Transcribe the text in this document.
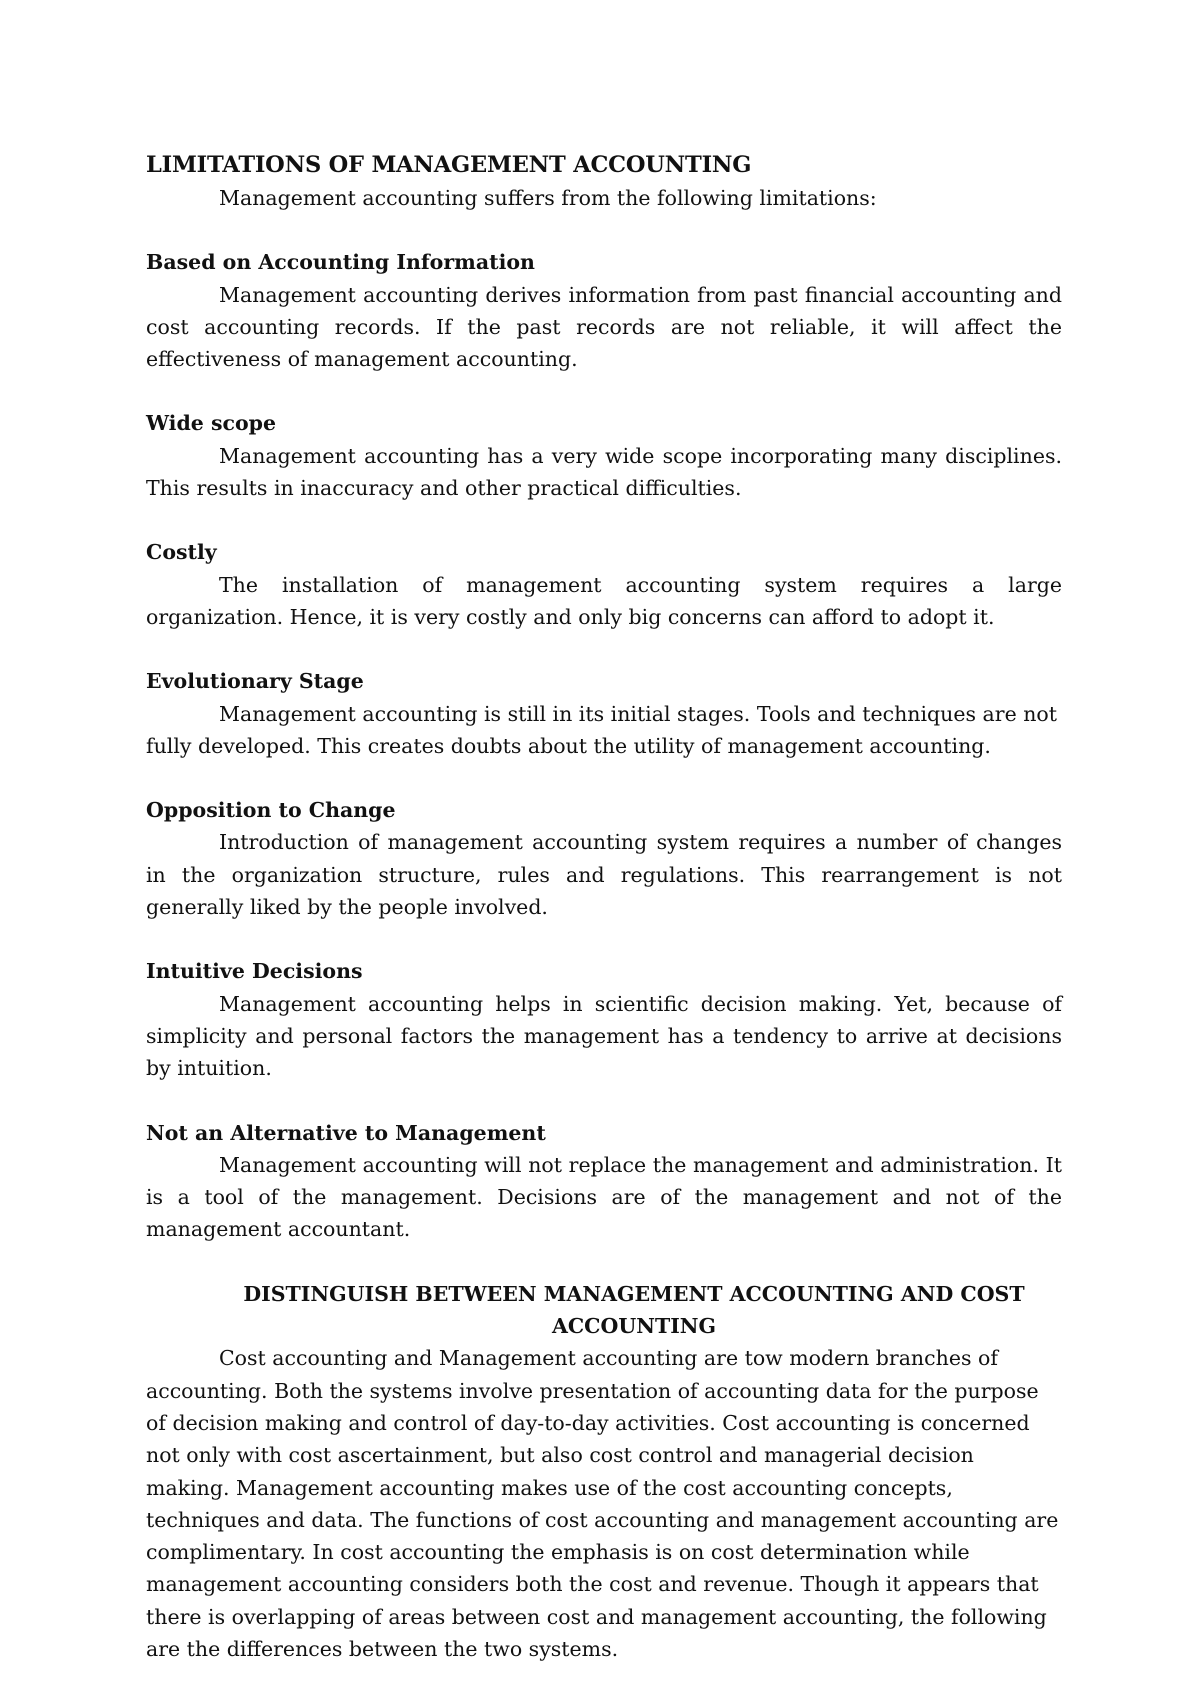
LIMITATIONS OF MANAGEMENT ACCOUNTING

Management accounting suffers from the following limitations:

Based on Accounting Information

Management accounting derives information from past financial accounting and cost accounting records. If the past records are not reliable, it will affect the effectiveness of management accounting.

Wide scope

Management accounting has a very wide scope incorporating many disciplines. This results in inaccuracy and other practical difficulties.

Costly

The installation of management accounting system requires a large organization. Hence, it is very costly and only big concerns can afford to adopt it.

Evolutionary Stage

Management accounting is still in its initial stages. Tools and techniques are not fully developed. This creates doubts about the utility of management accounting.

Opposition to Change

Introduction of management accounting system requires a number of changes in the organization structure, rules and regulations. This rearrangement is not generally liked by the people involved.

Intuitive Decisions

Management accounting helps in scientific decision making. Yet, because of simplicity and personal factors the management has a tendency to arrive at decisions by intuition.

Not an Alternative to Management

Management accounting will not replace the management and administration. It is a tool of the management. Decisions are of the management and not of the management accountant.

DISTINGUISH BETWEEN MANAGEMENT ACCOUNTING AND COST ACCOUNTING

Cost accounting and Management accounting are tow modern branches of accounting. Both the systems involve presentation of accounting data for the purpose of decision making and control of day-to-day activities. Cost accounting is concerned not only with cost ascertainment, but also cost control and managerial decision making. Management accounting makes use of the cost accounting concepts, techniques and data. The functions of cost accounting and management accounting are complimentary. In cost accounting the emphasis is on cost determination while management accounting considers both the cost and revenue. Though it appears that there is overlapping of areas between cost and management accounting, the following are the differences between the two systems.
